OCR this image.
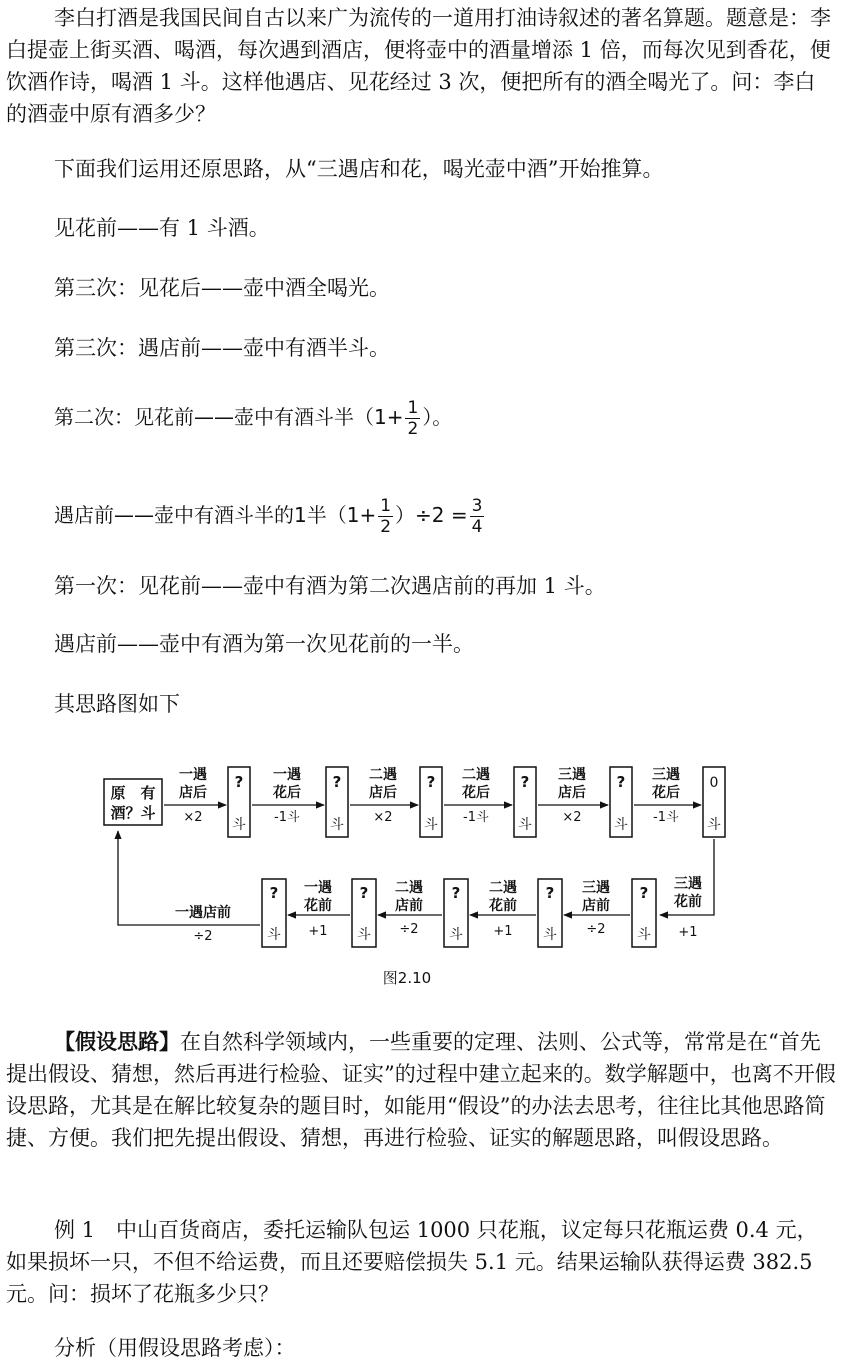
李白打酒是我国民间自古以来广为流传的一道用打油诗叙述的著名算题。题意是：李白提壶上街买酒、喝酒，每次遇到酒店，便将壶中的酒量增添 1 倍，而每次见到香花，便饮酒作诗，喝酒 1 斗。这样他遇店、见花经过 3 次，便把所有的酒全喝光了。问：李白的酒壶中原有酒多少？

下面我们运用还原思路，从“三遇店和花，喝光壶中酒”开始推算。

见花前——有 1 斗酒。

第三次：见花后——壶中酒全喝光。

第三次：遇店前——壶中有酒半斗。

第二次：见花前——壶中有酒斗半（$1+ \frac{1}{2}$ ）。

遇店前——壶中有酒斗半的1半$(1+ \frac{1}{2} )\div 2 = \frac{3}{4}$

第一次：见花前——壶中有酒为第二次遇店前的再加 1 斗。

遇店前——壶中有酒为第一次见花前的一半。

其思路图如下

原　有
酒？斗
?
斗
?
斗
?
斗
?
斗
?
斗
0
斗
一遇
店后
×2
一遇
花后
-1斗
二遇
店后
×2
二遇
花后
-1斗
三遇
店后
×2
三遇
花后
-1斗
?
斗
?
斗
?
斗
?
斗
?
斗
三遇
花前
+1
三遇
店前
÷2
二遇
花前
+1
二遇
店前
÷2
一遇
花前
+1
一遇店前
÷2
图2.10

【假设思路】在自然科学领域内，一些重要的定理、法则、公式等，常常是在“首先提出假设、猜想，然后再进行检验、证实”的过程中建立起来的。数学解题中，也离不开假设思路，尤其是在解比较复杂的题目时，如能用“假设”的办法去思考，往往比其他思路简捷、方便。我们把先提出假设、猜想，再进行检验、证实的解题思路，叫假设思路。

例 1　中山百货商店，委托运输队包运 1000 只花瓶，议定每只花瓶运费 0.4 元，如果损坏一只，不但不给运费，而且还要赔偿损失 5.1 元。结果运输队获得运费 382.5 元。问：损坏了花瓶多少只？

分析（用假设思路考虑）：
